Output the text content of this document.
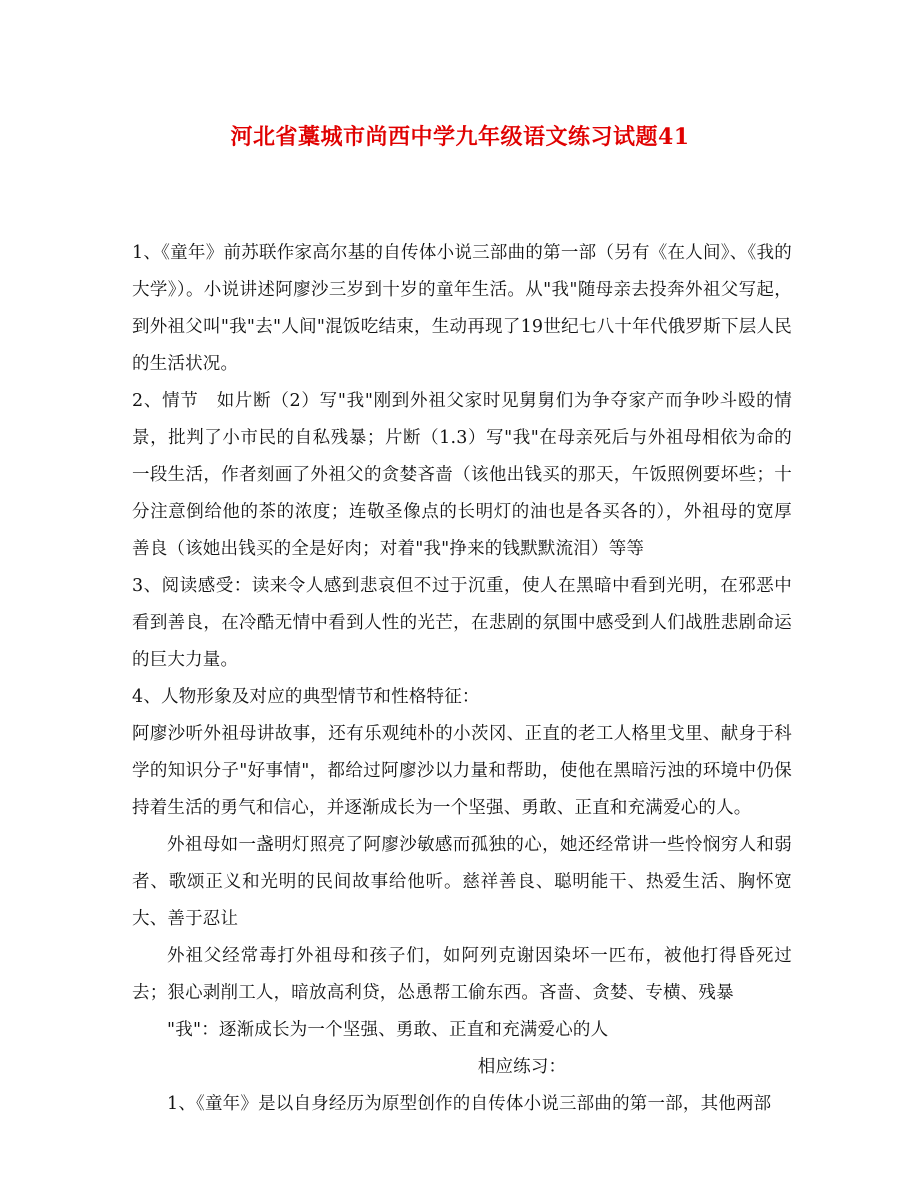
河北省藁城市尚西中学九年级语文练习试题41

1、《童年》前苏联作家高尔基的自传体小说三部曲的第一部（另有《在人间》、《我的大学》）。小说讲述阿廖沙三岁到十岁的童年生活。从"我"随母亲去投奔外祖父写起，到外祖父叫"我"去"人间"混饭吃结束，生动再现了19世纪七八十年代俄罗斯下层人民的生活状况。

2、情节　如片断（2）写"我"刚到外祖父家时见舅舅们为争夺家产而争吵斗殴的情景，批判了小市民的自私残暴；片断（1.3）写"我"在母亲死后与外祖母相依为命的一段生活，作者刻画了外祖父的贪婪吝啬（该他出钱买的那天，午饭照例要坏些；十分注意倒给他的茶的浓度；连敬圣像点的长明灯的油也是各买各的），外祖母的宽厚善良（该她出钱买的全是好肉；对着"我"挣来的钱默默流泪）等等

3、阅读感受：读来令人感到悲哀但不过于沉重，使人在黑暗中看到光明，在邪恶中看到善良，在冷酷无情中看到人性的光芒，在悲剧的氛围中感受到人们战胜悲剧命运的巨大力量。

4、人物形象及对应的典型情节和性格特征：

阿廖沙听外祖母讲故事，还有乐观纯朴的小茨冈、正直的老工人格里戈里、献身于科学的知识分子"好事情"，都给过阿廖沙以力量和帮助，使他在黑暗污浊的环境中仍保持着生活的勇气和信心，并逐渐成长为一个坚强、勇敢、正直和充满爱心的人。

外祖母如一盏明灯照亮了阿廖沙敏感而孤独的心，她还经常讲一些怜悯穷人和弱者、歌颂正义和光明的民间故事给他听。慈祥善良、聪明能干、热爱生活、胸怀宽大、善于忍让

外祖父经常毒打外祖母和孩子们，如阿列克谢因染坏一匹布，被他打得昏死过去；狠心剥削工人，暗放高利贷，怂恿帮工偷东西。吝啬、贪婪、专横、残暴

"我"：逐渐成长为一个坚强、勇敢、正直和充满爱心的人

相应练习：

1、《童年》是以自身经历为原型创作的自传体小说三部曲的第一部，其他两部
